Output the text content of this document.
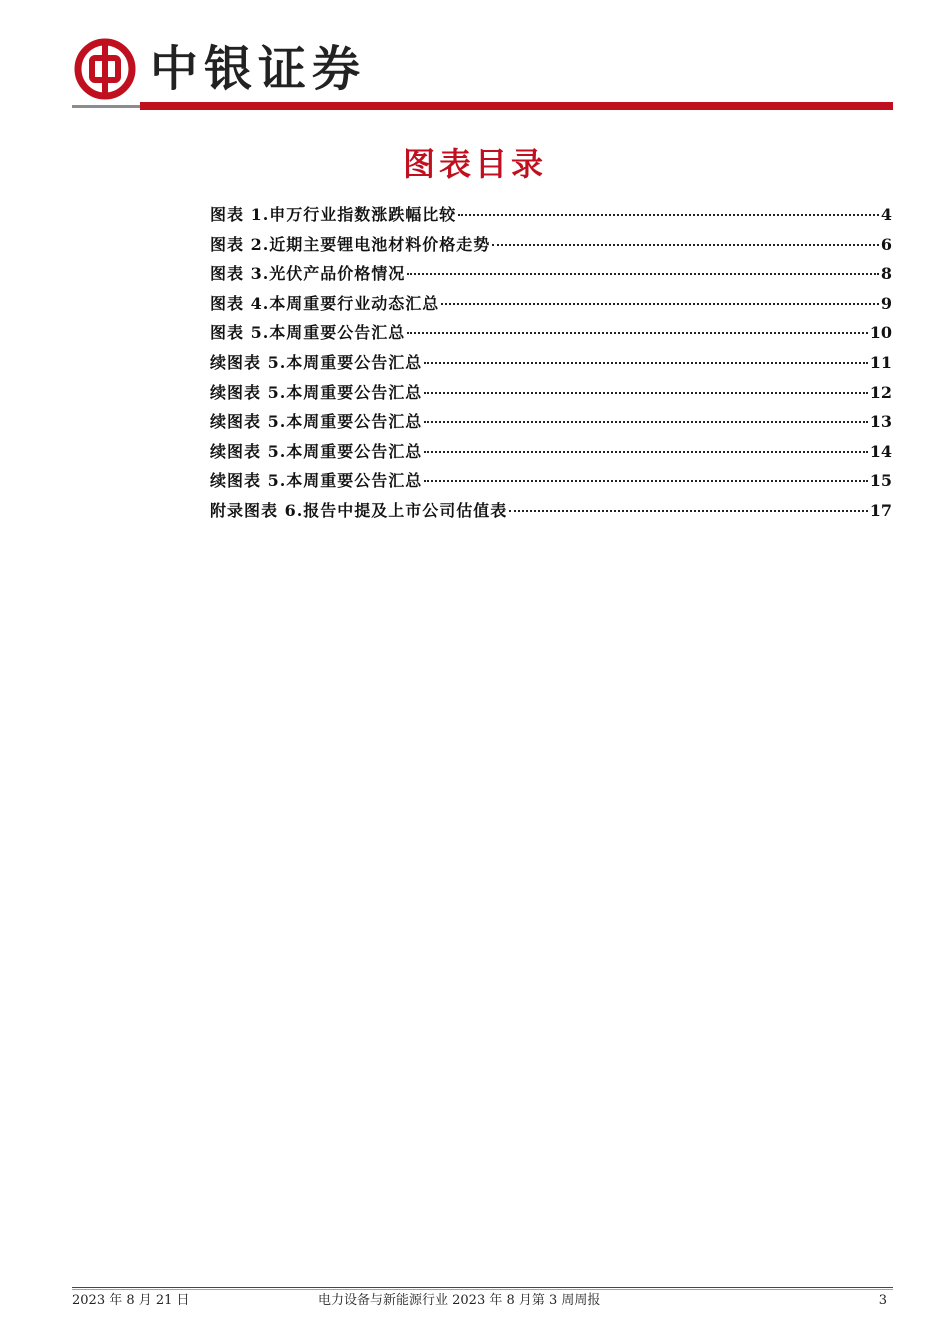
中银证券
图表目录
图表 1.申万行业指数涨跌幅比较	4
图表 2.近期主要锂电池材料价格走势	6
图表 3.光伏产品价格情况	8
图表 4.本周重要行业动态汇总	9
图表 5.本周重要公告汇总	10
续图表 5.本周重要公告汇总	11
续图表 5.本周重要公告汇总	12
续图表 5.本周重要公告汇总	13
续图表 5.本周重要公告汇总	14
续图表 5.本周重要公告汇总	15
附录图表 6.报告中提及上市公司估值表	17
2023 年 8 月 21 日	电力设备与新能源行业 2023 年 8 月第 3 周周报	3
